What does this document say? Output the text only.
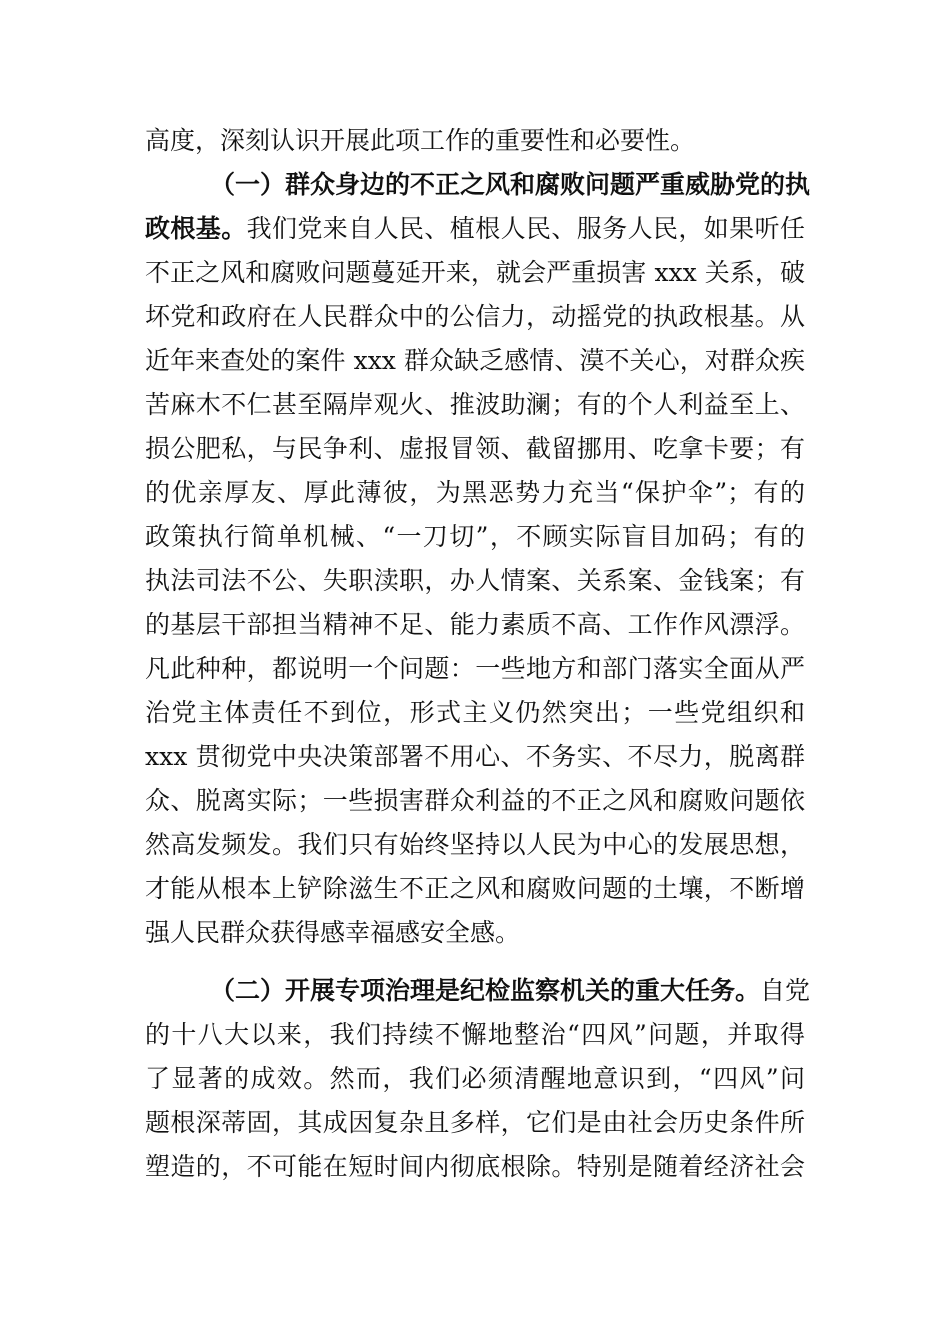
高度，深刻认识开展此项工作的重要性和必要性。
（一）群众身边的不正之风和腐败问题严重威胁党的执
政根基。我们党来自人民、植根人民、服务人民，如果听任
不正之风和腐败问题蔓延开来，就会严重损害 xxx 关系，破
坏党和政府在人民群众中的公信力，动摇党的执政根基。从
近年来查处的案件 xxx 群众缺乏感情、漠不关心，对群众疾
苦麻木不仁甚至隔岸观火、推波助澜；有的个人利益至上、
损公肥私，与民争利、虚报冒领、截留挪用、吃拿卡要；有
的优亲厚友、厚此薄彼，为黑恶势力充当“保护伞”；有的
政策执行简单机械、“一刀切”，不顾实际盲目加码；有的
执法司法不公、失职渎职，办人情案、关系案、金钱案；有
的基层干部担当精神不足、能力素质不高、工作作风漂浮。
凡此种种，都说明一个问题：一些地方和部门落实全面从严
治党主体责任不到位，形式主义仍然突出；一些党组织和
xxx 贯彻党中央决策部署不用心、不务实、不尽力，脱离群
众、脱离实际；一些损害群众利益的不正之风和腐败问题依
然高发频发。我们只有始终坚持以人民为中心的发展思想，
才能从根本上铲除滋生不正之风和腐败问题的土壤，不断增
强人民群众获得感幸福感安全感。
（二）开展专项治理是纪检监察机关的重大任务。自党
的十八大以来，我们持续不懈地整治“四风”问题，并取得
了显著的成效。然而，我们必须清醒地意识到，“四风”问
题根深蒂固，其成因复杂且多样，它们是由社会历史条件所
塑造的，不可能在短时间内彻底根除。特别是随着经济社会
